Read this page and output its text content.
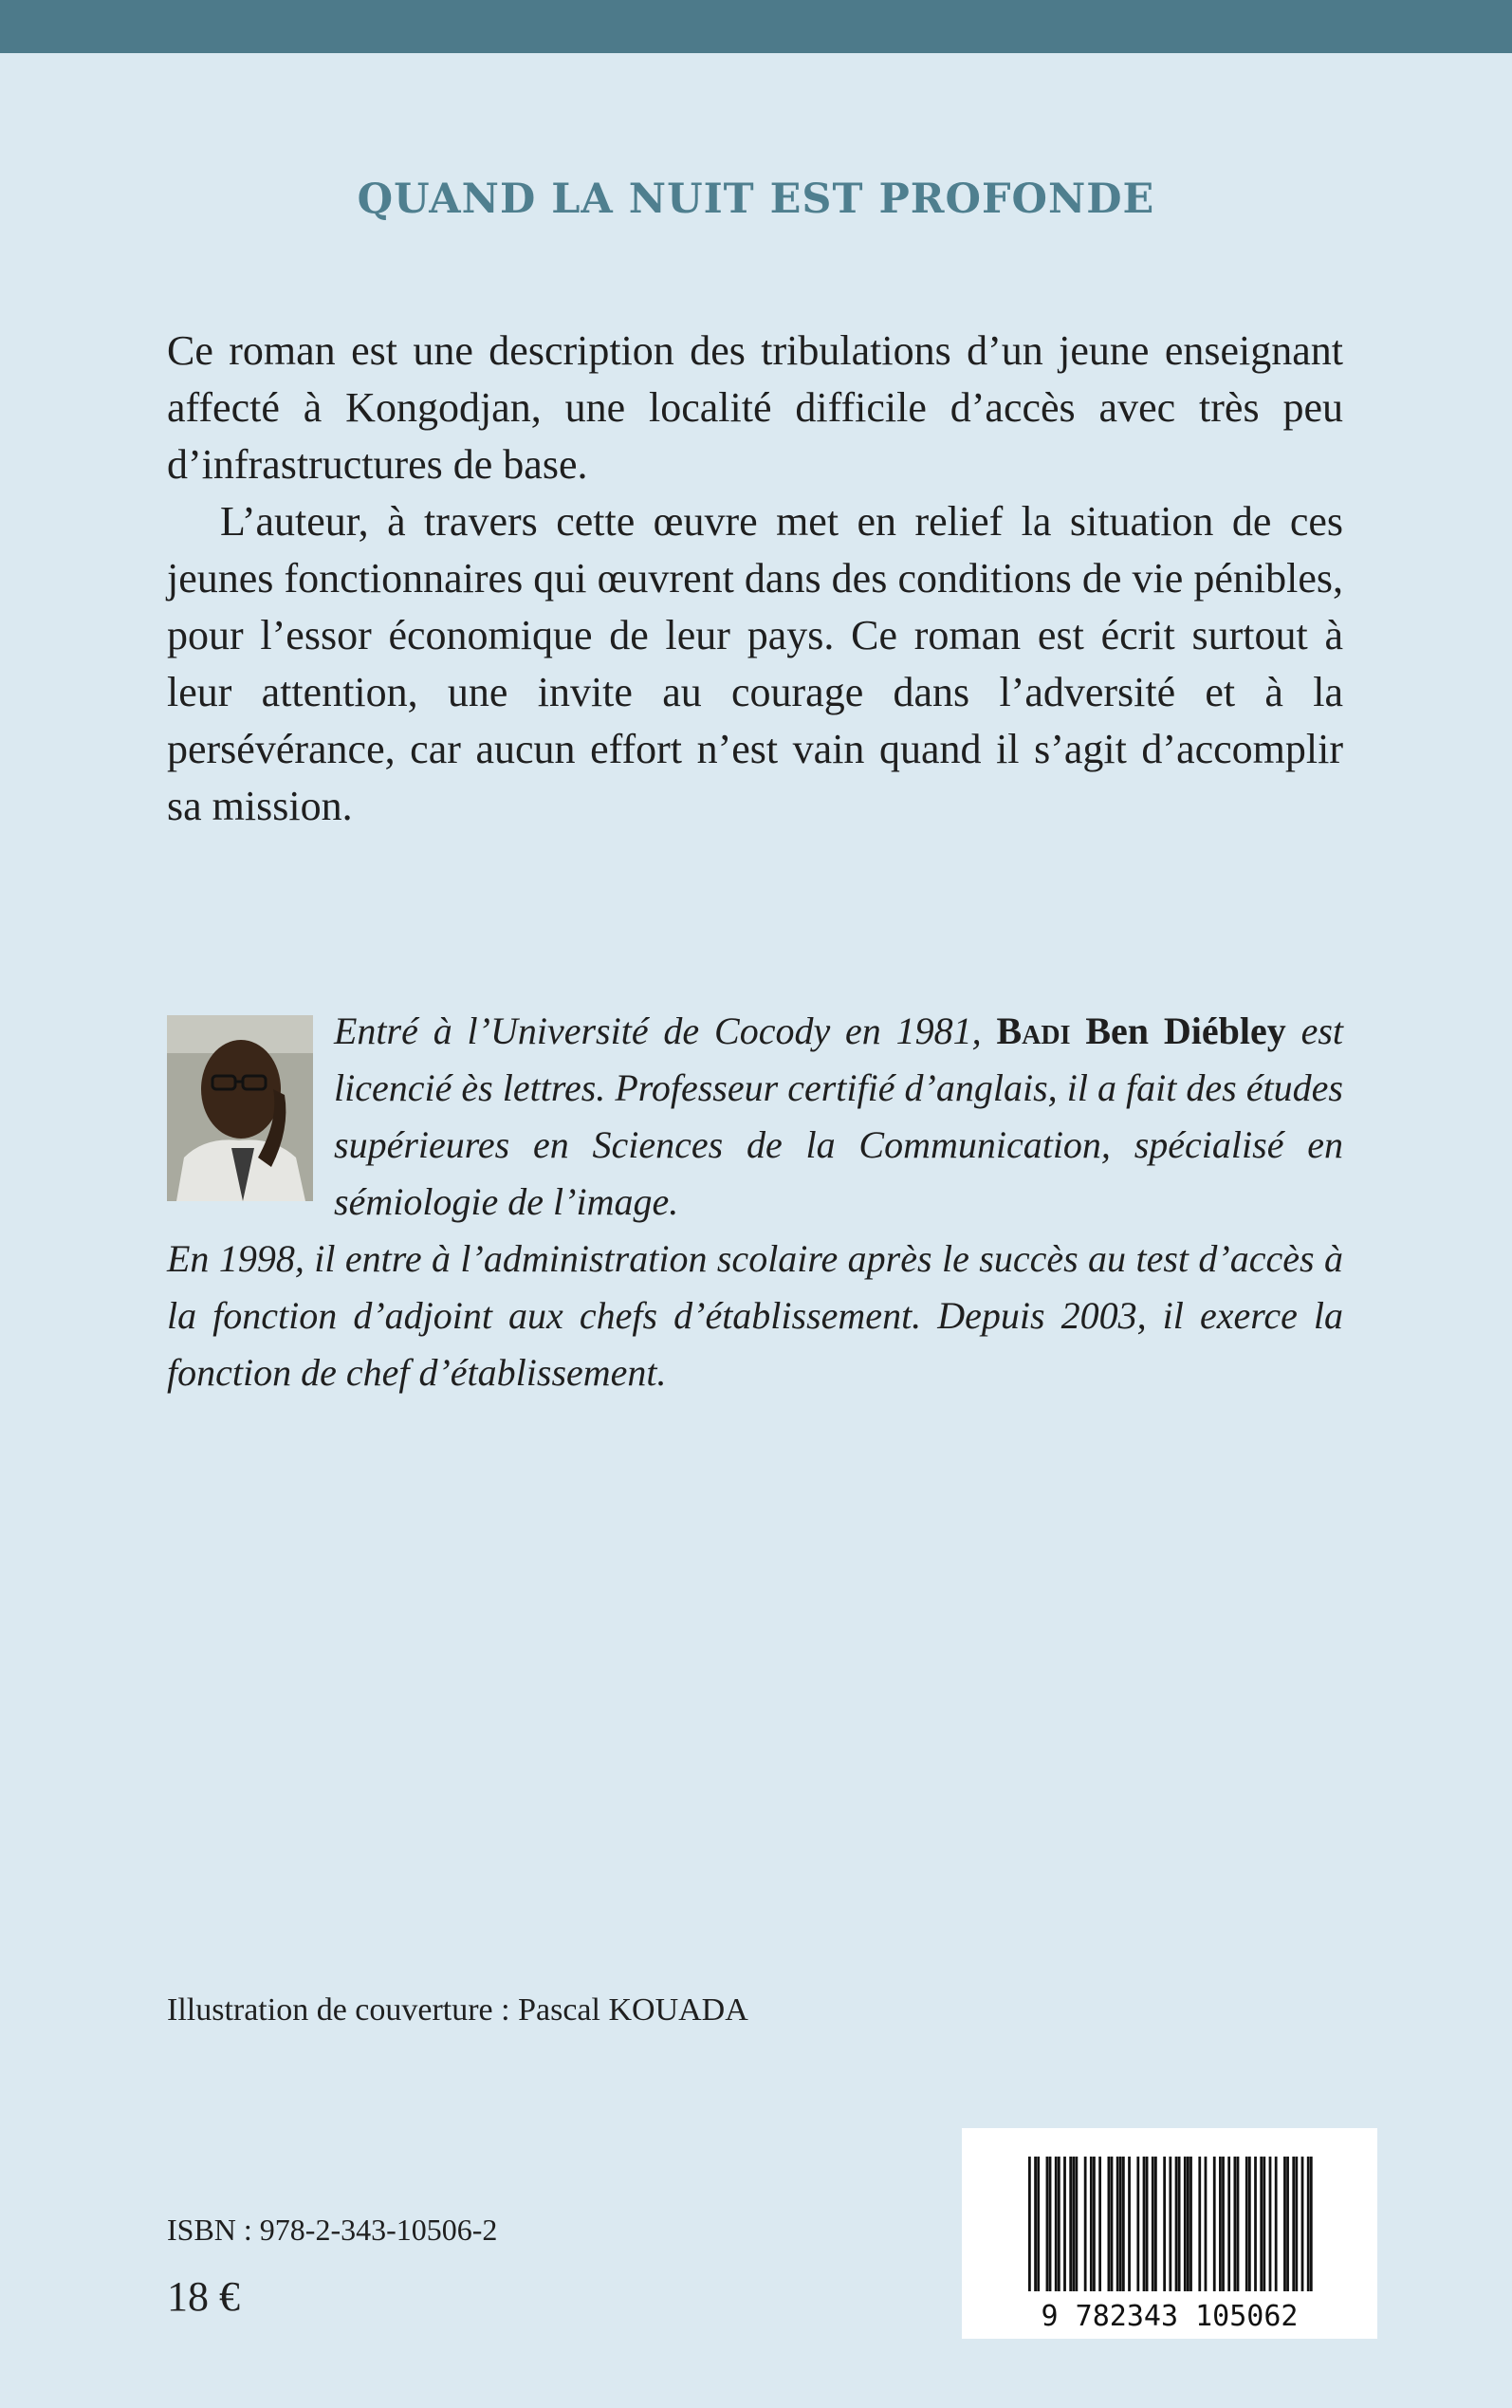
QUAND LA NUIT EST PROFONDE

Ce roman est une description des tribulations d’un jeune enseignant affecté à Kongodjan, une localité difficile d’accès avec très peu d’infrastructures de base.

L’auteur, à travers cette œuvre met en relief la situation de ces jeunes fonctionnaires qui œuvrent dans des conditions de vie pénibles, pour l’essor économique de leur pays. Ce roman est écrit surtout à leur attention, une invite au courage dans l’adversité et à la persévérance, car aucun effort n’est vain quand il s’agit d’accomplir sa mission.

Entré à l’Université de Cocody en 1981, Badi Ben Diébley est licencié ès lettres. Professeur certifié d’anglais, il a fait des études supérieures en Sciences de la Communication, spécialisé en sémiologie de l’image.

En 1998, il entre à l’administration scolaire après le succès au test d’accès à la fonction d’adjoint aux chefs d’établissement. Depuis 2003, il exerce la fonction de chef d’établissement.

Illustration de couverture : Pascal KOUADA
ISBN : 978-2-343-10506-2
18 €	9 782343 105062
